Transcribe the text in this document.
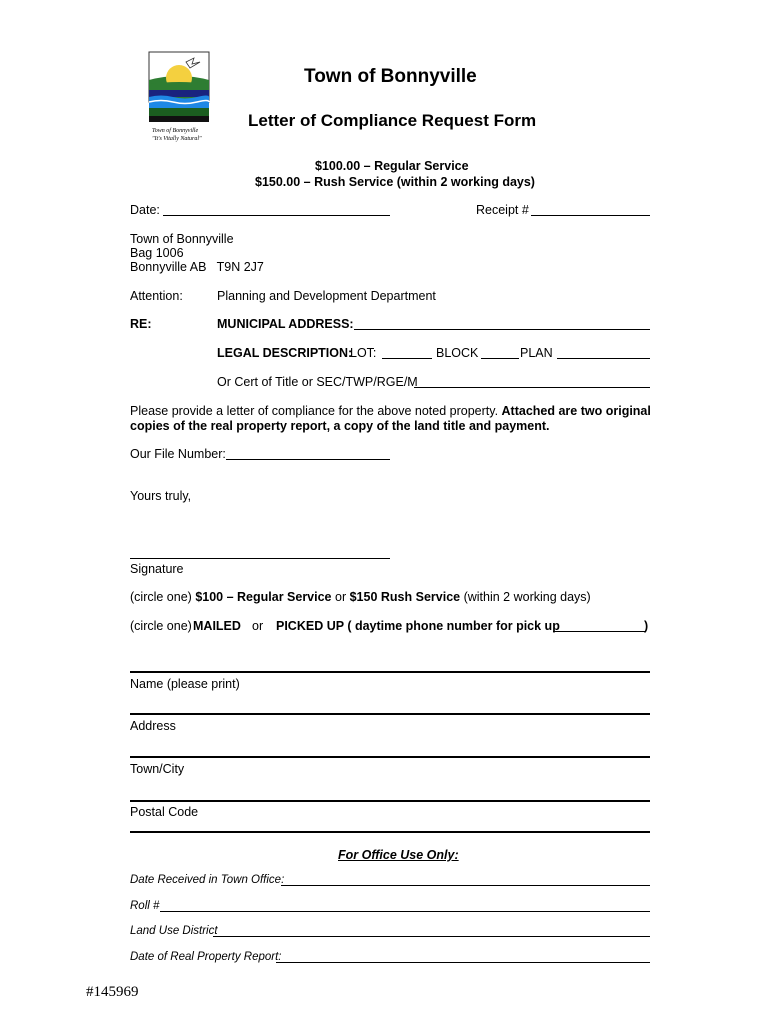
Town of Bonnyville
"It's Vitally Natural"
Town of Bonnyville
Letter of Compliance Request Form
$100.00 – Regular Service
$150.00 – Rush Service (within 2 working days)
Date:	Receipt #
Town of Bonnyville
Bag 1006
Bonnyville AB   T9N 2J7
Attention:	Planning and Development Department
RE:	MUNICIPAL ADDRESS:
LEGAL DESCRIPTION:
LOT:	BLOCK	PLAN
Or Cert of Title or SEC/TWP/RGE/M
Please provide a letter of compliance for the above noted property. Attached are two original copies of the real property report, a copy of the land title and payment.
Our File Number:
Yours truly,
Signature
(circle one) $100 – Regular Service or $150 Rush Service (within 2 working days)
(circle one) MAILED or PICKED UP ( daytime phone number for pick up	)
Name (please print)
Address
Town/City
Postal Code
For Office Use Only:
Date Received in Town Office:
Roll #
Land Use District
Date of Real Property Report:
#145969
